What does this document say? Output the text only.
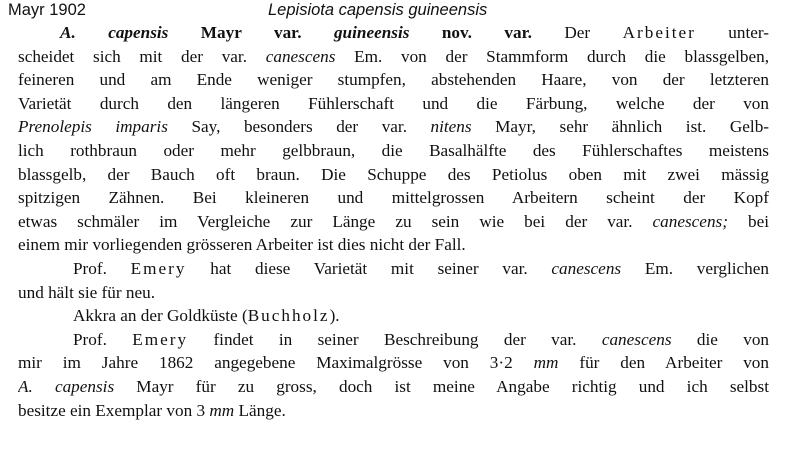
Mayr 1902	Lepisiota capensis guineensis
A. capensis Mayr var. guineensis nov. var. Der Arbeiter unter-
scheidet sich mit der var. canescens Em. von der Stammform durch die blassgelben,
feineren und am Ende weniger stumpfen, abstehenden Haare, von der letzteren
Varietät durch den längeren Fühlerschaft und die Färbung, welche der von
Prenolepis imparis Say, besonders der var. nitens Mayr, sehr ähnlich ist. Gelb-
lich rothbraun oder mehr gelbbraun, die Basalhälfte des Fühlerschaftes meistens
blassgelb, der Bauch oft braun. Die Schuppe des Petiolus oben mit zwei mässig
spitzigen Zähnen. Bei kleineren und mittelgrossen Arbeitern scheint der Kopf
etwas schmäler im Vergleiche zur Länge zu sein wie bei der var. canescens; bei
einem mir vorliegenden grösseren Arbeiter ist dies nicht der Fall.
Prof. Emery hat diese Varietät mit seiner var. canescens Em. verglichen
und hält sie für neu.
Akkra an der Goldküste (Buchholz).
Prof. Emery findet in seiner Beschreibung der var. canescens die von
mir im Jahre 1862 angegebene Maximalgrösse von 3·2 mm für den Arbeiter von
A. capensis Mayr für zu gross, doch ist meine Angabe richtig und ich selbst
besitze ein Exemplar von 3 mm Länge.
